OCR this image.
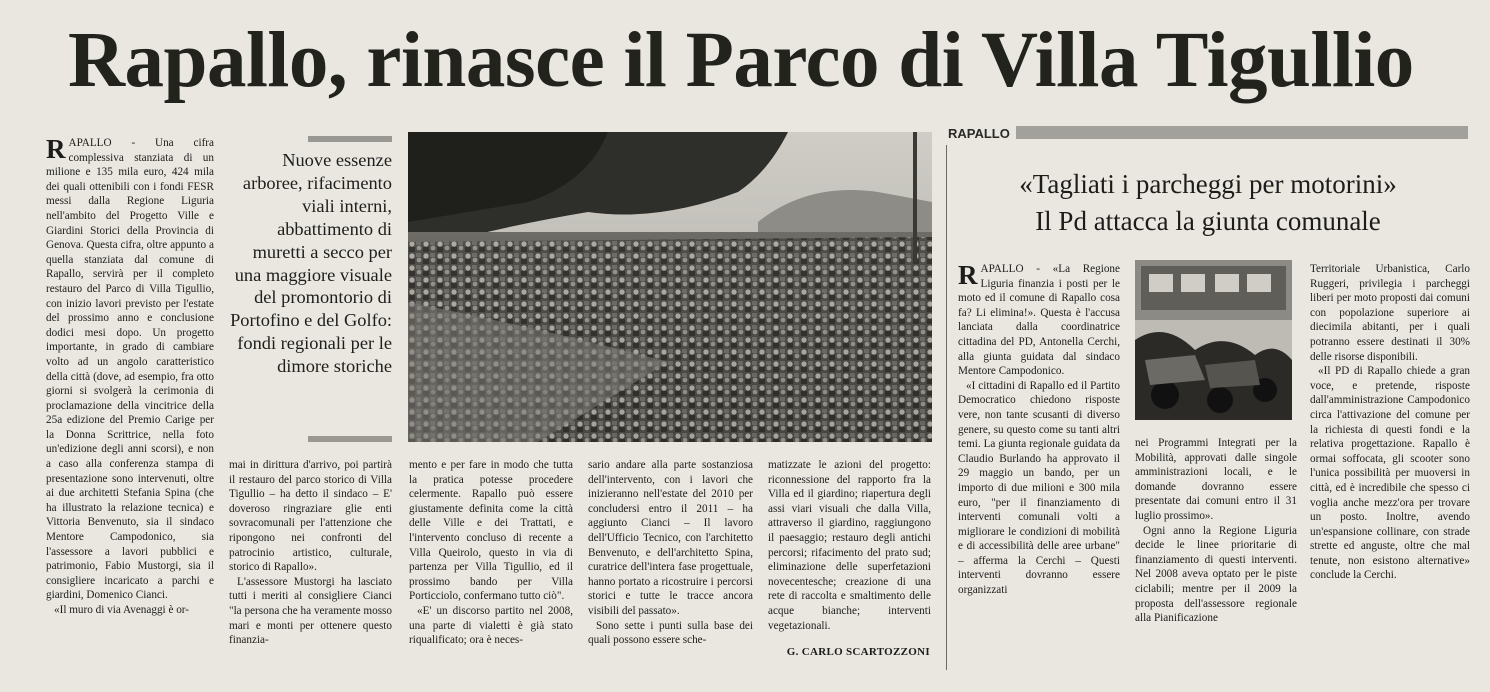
Rapallo, rinasce il Parco di Villa Tigullio
R APALLO - Una cifra complessiva stanziata di un milione e 135 mila euro, 424 mila dei quali ottenibili con i fondi FESR messi dalla Regione Liguria nell'ambito del Progetto Ville e Giardini Storici della Provincia di Genova. Questa cifra, oltre appunto a quella stanziata dal comune di Rapallo, servirà per il completo restauro del Parco di Villa Tigullio, con inizio lavori previsto per l'estate del prossimo anno e conclusione dodici mesi dopo. Un progetto importante, in grado di cambiare volto ad un angolo caratteristico della città (dove, ad esempio, fra otto giorni si svolgerà la cerimonia di proclamazione della vincitrice della 25a edizione del Premio Carige per la Donna Scrittrice, nella foto un'edizione degli anni scorsi), e non a caso alla conferenza stampa di presentazione sono intervenuti, oltre ai due architetti Stefania Spina (che ha illustrato la relazione tecnica) e Vittoria Benvenuto, sia il sindaco Mentore Campodonico, sia l'assessore a lavori pubblici e patrimonio, Fabio Mustorgi, sia il consigliere incaricato a parchi e giardini, Domenico Cianci.

«Il muro di via Avenaggi è or-

Nuove essenze arboree, rifacimento viali interni, abbattimento di muretti a secco per una maggiore visuale del promontorio di Portofino e del Golfo: fondi regionali per le dimore storiche

mai in dirittura d'arrivo, poi partirà il restauro del parco storico di Villa Tigullio – ha detto il sindaco – E' doveroso ringraziare glie enti sovracomunali per l'attenzione che ripongono nei confronti del patrocinio artistico, culturale, storico di Rapallo».

L'assessore Mustorgi ha lasciato tutti i meriti al consigliere Cianci "la persona che ha veramente mosso mari e monti per ottenere questo finanzia-

mento e per fare in modo che tutta la pratica potesse procedere celermente. Rapallo può essere giustamente definita come la città delle Ville e dei Trattati, e l'intervento concluso di recente a Villa Queirolo, questo in via di partenza per Villa Tigullio, ed il prossimo bando per Villa Porticciolo, confermano tutto ciò".

«E' un discorso partito nel 2008, una parte di vialetti è già stato riqualificato; ora è neces-

sario andare alla parte sostanziosa dell'intervento, con i lavori che inizieranno nell'estate del 2010 per concludersi entro il 2011 – ha aggiunto Cianci – Il lavoro dell'Ufficio Tecnico, con l'architetto Benvenuto, e dell'architetto Spina, curatrice dell'intera fase progettuale, hanno portato a ricostruire i percorsi storici e tutte le tracce ancora visibili del passato».

Sono sette i punti sulla base dei quali possono essere sche-

matizzate le azioni del progetto: riconnessione del rapporto fra la Villa ed il giardino; riapertura degli assi viari visuali che dalla Villa, attraverso il giardino, raggiungono il paesaggio; restauro degli antichi percorsi; rifacimento del prato sud; eliminazione delle superfetazioni novecentesche; creazione di una rete di raccolta e smaltimento delle acque bianche; interventi vegetazionali.

G. CARLO SCARTOZZONI
RAPALLO
«Tagliati i parcheggi per motorini»
Il Pd attacca la giunta comunale
R APALLO - «La Regione Liguria finanzia i posti per le moto ed il comune di Rapallo cosa fa? Li elimina!». Questa è l'accusa lanciata dalla coordinatrice cittadina del PD, Antonella Cerchi, alla giunta guidata dal sindaco Mentore Campodonico.

«I cittadini di Rapallo ed il Partito Democratico chiedono risposte vere, non tante scusanti di diverso genere, su questo come su tanti altri temi. La giunta regionale guidata da Claudio Burlando ha approvato il 29 maggio un bando, per un importo di due milioni e 300 mila euro, "per il finanziamento di interventi comunali volti a migliorare le condizioni di mobilità e di accessibilità delle aree urbane" – afferma la Cerchi – Questi interventi dovranno essere organizzati

nei Programmi Integrati per la Mobilità, approvati dalle singole amministrazioni locali, e le domande dovranno essere presentate dai comuni entro il 31 luglio prossimo».

Ogni anno la Regione Liguria decide le linee prioritarie di finanziamento di questi interventi. Nel 2008 aveva optato per le piste ciclabili; mentre per il 2009 la proposta dell'assessore regionale alla Pianificazione

Territoriale Urbanistica, Carlo Ruggeri, privilegia i parcheggi liberi per moto proposti dai comuni con popolazione superiore ai diecimila abitanti, per i quali potranno essere destinati il 30% delle risorse disponibili.

«Il PD di Rapallo chiede a gran voce, e pretende, risposte dall'amministrazione Campodonico circa l'attivazione del comune per la richiesta di questi fondi e la relativa progettazione. Rapallo è ormai soffocata, gli scooter sono l'unica possibilità per muoversi in città, ed è incredibile che spesso ci voglia anche mezz'ora per trovare un posto. Inoltre, avendo un'espansione collinare, con strade strette ed anguste, oltre che mal tenute, non esistono alternative» conclude la Cerchi.
